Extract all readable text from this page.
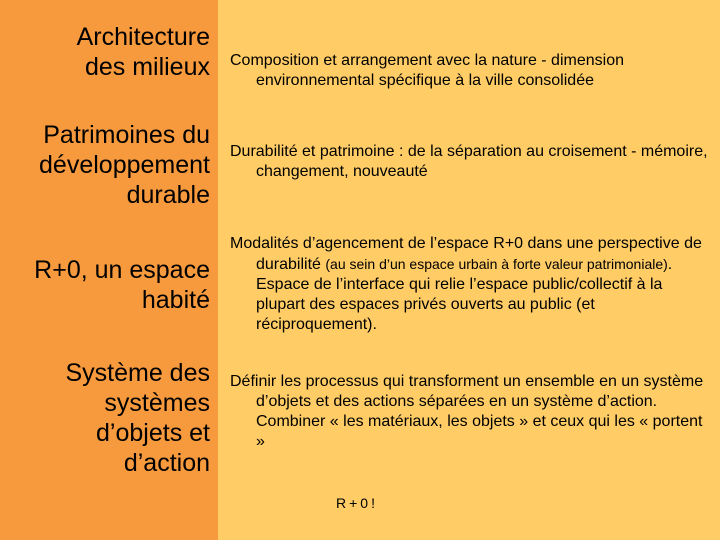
Architecture
des milieux
Patrimoines du
développement
durable
R+0, un espace
habité
Système des
systèmes
d’objets et
d’action
Composition et arrangement avec la nature - dimension environnemental spécifique à la ville consolidée
Durabilité et patrimoine : de la séparation au croisement - mémoire, changement, nouveauté
Modalités d’agencement de l’espace R+0 dans une perspective de durabilité (au sein d’un espace urbain à forte valeur patrimoniale). Espace de l’interface qui relie l’espace public/collectif à la plupart des espaces privés ouverts au public (et réciproquement).
Définir les processus qui transforment un ensemble en un système d’objets et des actions séparées en un système d’action. Combiner « les matériaux, les objets » et ceux qui les « portent »
R+0!
